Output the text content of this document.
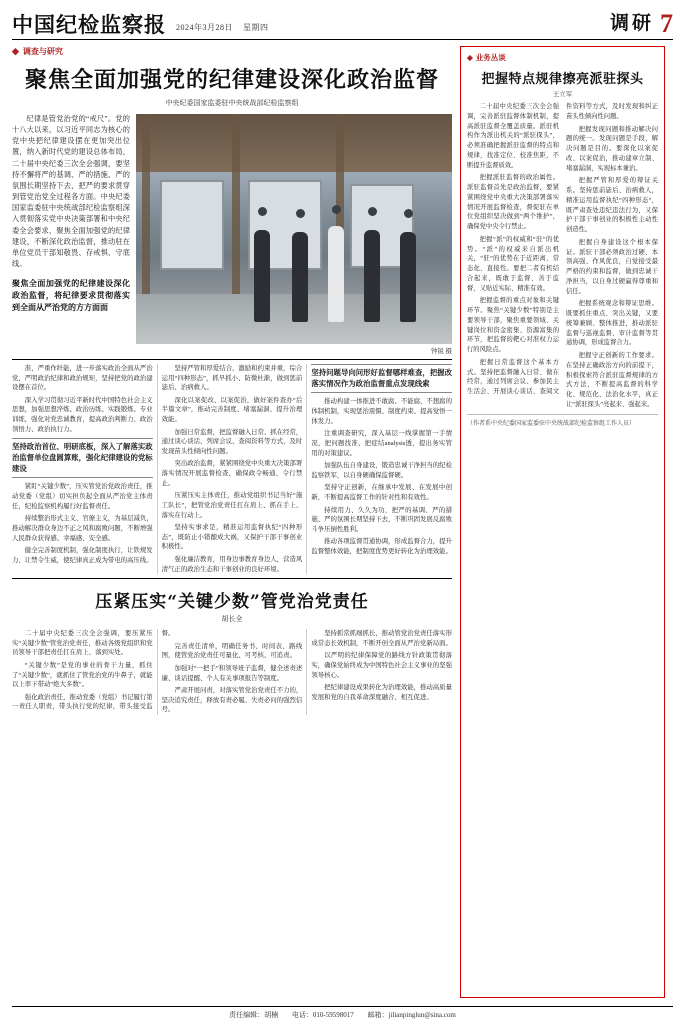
中国纪检监察报 2024年3月28日 星期四	调研 7
◆ 调查与研究
聚焦全面加强党的纪律建设深化政治监督
中央纪委国家监委驻中央统战部纪检监察组
纪律是管党治党的“戒尺”。党的十八大以来，以习近平同志为核心的党中央把纪律建设摆在更加突出位置，纳入新时代党的建设总体布局，二十届中央纪委三次全会强调，要坚持不懈将严的基调、严的措施、严的氛围长期坚持下去，把严的要求贯穿到管党治党全过程各方面。中央纪委国家监委驻中央统战部纪检监察组深入贯彻落实党中央决策部署和中央纪委全会要求，聚焦全面加强党的纪律建设，不断深化政治监督，推动驻在单位党员干部知敬畏、存戒惧、守底线。
聚焦全面加强党的纪律建设深化政治监督，将纪律要求贯彻落实到全面从严治党的方方面面
钟锐 摄

准，严重作纤能，进一步落实政治全面从严治党，严明政治纪律和政治规矩，坚持把党的政治建设摆在首位。

深入学习贯彻习近平新时代中国特色社会主义思想，加强思想淬炼、政治历练、实践锻炼、专业训练，强化对党忠诚教育，提高政治判断力、政治领悟力、政治执行力。

坚持政治首位、明研底板，深入了解落实政治监督单位盘圆算账，强化纪律建设的党标建设

紧盯“关键少数”，压实管党治党政治责任，推动党委（党组）切实担负起全面从严治党主体责任，纪检监察机构履行好监督责任。

持续整治形式主义、官僚主义，为基层减负，推动解决群众身边不正之风和腐败问题，不断增强人民群众获得感、幸福感、安全感。

健全完善制度机制，强化制度执行，让铁规发力、让禁令生威，使纪律真正成为带电的高压线。

坚持严管和厚爱结合、激励和约束并重，综合运用“四种形态”，抓早抓小、防微杜渐，做到惩前毖后、治病救人。

深化以案促改、以案促治，做好案件查办“后半篇文章”，推动完善制度、堵塞漏洞、提升治理效能。

加强日常监督，把监督融入日常、抓在经常，通过谈心谈话、列席会议、查阅资料等方式，及时发现苗头性倾向性问题。

突出政治监督，紧紧围绕党中央重大决策部署落实情况开展监督检查，确保政令畅通、令行禁止。

压紧压实主体责任，推动党组织书记当好“施工队长”，把管党治党责任扛在肩上、抓在手上、落实在行动上。

坚持实事求是，精准运用监督执纪“四种形态”，既防止小错酿成大祸，又保护干部干事创业积极性。

强化廉洁教育，用身边事教育身边人，营造风清气正的政治生态和干事创业的良好环境。

坚持问题导向问形好监督哪样难查，把握改落实情况作为政治监督重点发现线索

推动构建一体推进不敢腐、不能腐、不想腐的体制机制，实现惩治震慑、制度约束、提高觉悟一体发力。

注重调查研究，深入基层一线掌握第一手情况，把问题找准、把症结analysis透，提出务实管用的对策建议。

加强队伍自身建设，锻造忠诚干净担当的纪检监察铁军，以自身硬确保监督硬。

坚持守正创新，在继承中发展、在发展中创新，不断提高监督工作的针对性和有效性。

持续用力、久久为功，把严的基调、严的措施、严的氛围长期坚持下去，不断巩固发展反腐败斗争压倒性胜利。

推动各项监督贯通协调，形成监督合力，提升监督整体效能，把制度优势更好转化为治理效能。

压紧压实“关键少数”管党治党责任
胡长全

二十届中央纪委三次全会强调，要压紧压实“关键少数”管党治党责任，推动各级党组织和党员领导干部把责任扛在肩上、落到实处。

“关键少数”是党的事业的骨干力量，抓住了“关键少数”，就抓住了管党治党的牛鼻子，就能以上率下带动“绝大多数”。

强化政治责任，推动党委（党组）书记履行第一责任人职责，带头执行党的纪律，带头接受监督。

完善责任清单，明确任务书、时间表、路线图，使管党治党责任可量化、可考核、可追责。

加强对“一把手”和领导班子监督，健全述责述廉、谈话提醒、个人有关事项报告等制度。

严肃开展问责，对落实管党治党责任不力的，坚决追究责任，释放有责必履、失责必问的强烈信号。

坚持抓常抓细抓长，推动管党治党责任落实形成常态长效机制，不断开创全面从严治党新局面。

以严明的纪律保障党的路线方针政策贯彻落实，确保党始终成为中国特色社会主义事业的坚强领导核心。

把纪律建设成果转化为治理效能，推动高质量发展和党的自我革命深度融合、相互促进。

◆ 业务丛谈
把握特点规律擦亮派驻探头
王立军

二十届中央纪委三次全会强调，完善派驻监督体制机制，提高派驻监督全覆盖质量。派驻机构作为派出机关的“派驻探头”，必须准确把握派驻监督的特点和规律，找准定位、校准焦距，不断提升监督质效。

把握派驻监督的政治属性。派驻监督首先是政治监督，要紧紧围绕党中央重大决策部署落实情况开展监督检查，督促驻在单位党组织坚决做到“两个维护”，确保党中央令行禁止。

把握“派”的权威和“驻”的优势。“派”的权威来自派出机关，“驻”的优势在于近距离、常态化、直接性。要把二者有机结合起来，既敢于监督、善于监督，又贴近实际、精准有效。

把握监督的重点对象和关键环节。聚焦“关键少数”特别是主要领导干部，聚焦重要领域、关键岗位和资金密集、资源富集的环节，把监督的靶心对准权力运行的风险点。

把握日常监督这个基本方式。坚持把监督融入日常、做在经常，通过列席会议、参加民主生活会、开展谈心谈话、查阅文件资料等方式，及时发现和纠正苗头性倾向性问题。

把握发现问题和推动解决问题的统一。发现问题是手段，解决问题是目的。要深化以案促改、以案促治，推动建章立制、堵塞漏洞，实现标本兼治。

把握严管和厚爱的辩证关系。坚持惩前毖后、治病救人，精准运用监督执纪“四种形态”，既严肃查处违纪违法行为，又保护干部干事创业的积极性主动性创造性。

把握自身建设这个根本保证。派驻干部必须政治过硬、本领高强、作风优良，自觉接受最严格的约束和监督，做到忠诚干净担当，以自身过硬赢得尊重和信任。

把握系统观念和辩证思维。既要抓住重点、突出关键，又要统筹兼顾、整体推进，推动派驻监督与巡视监督、审计监督等贯通协调，形成监督合力。

把握守正创新的工作要求。在坚持正确政治方向的前提下，积极探索符合派驻监督规律的方式方法，不断提高监督的科学化、规范化、法治化水平，真正让“派驻探头”亮起来、强起来。

（作者系中央纪委国家监委驻中央统战部纪检监察组工作人员）
责任编辑：胡楠 电话：010-59598017 邮箱：jilianpinglun@sina.com
